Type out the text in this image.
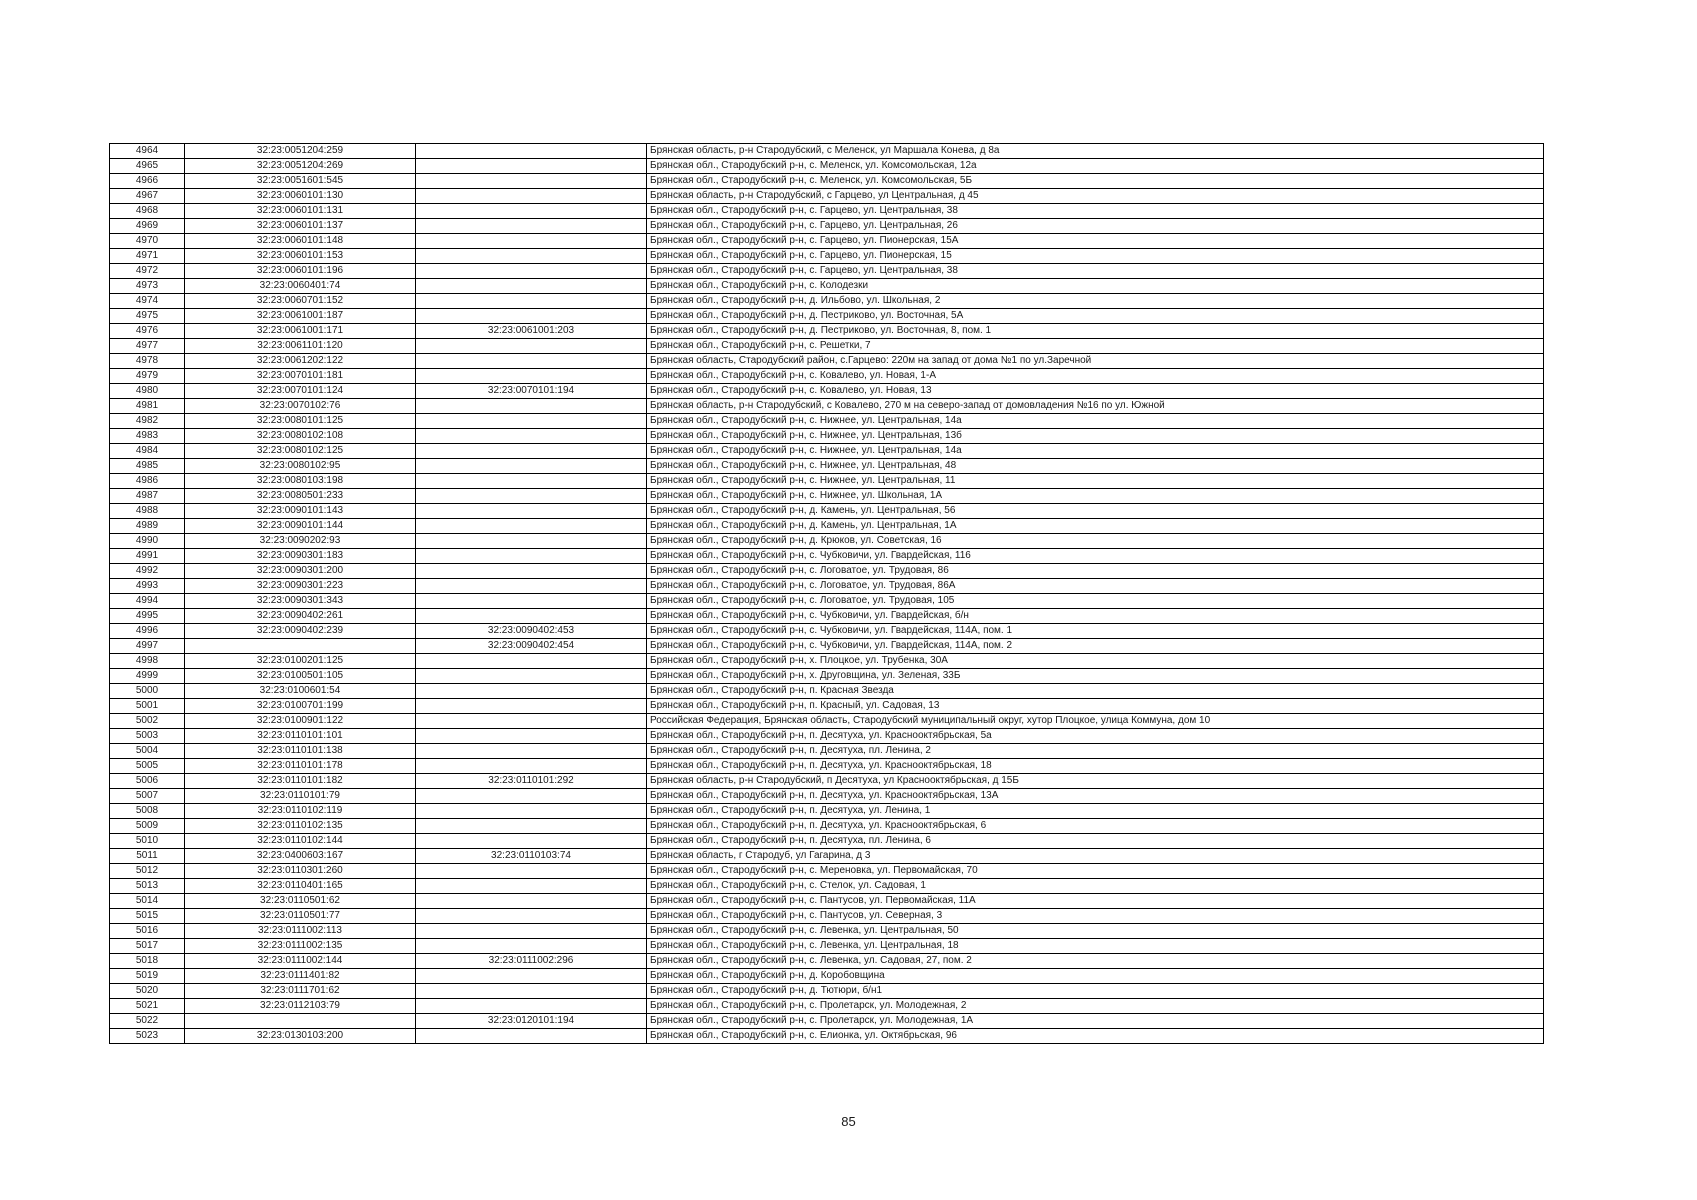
4964	32:23:0051204:259		Брянская область, р-н Стародубский, с Меленск, ул Маршала Конева, д 8а
4965	32:23:0051204:269		Брянская обл., Стародубский р-н, с. Меленск, ул. Комсомольская, 12а
4966	32:23:0051601:545		Брянская обл., Стародубский р-н, с. Меленск, ул. Комсомольская, 5Б
4967	32:23:0060101:130		Брянская область, р-н Стародубский, с Гарцево, ул Центральная, д 45
4968	32:23:0060101:131		Брянская обл., Стародубский р-н, с. Гарцево, ул. Центральная, 38
4969	32:23:0060101:137		Брянская обл., Стародубский р-н, с. Гарцево, ул. Центральная, 26
4970	32:23:0060101:148		Брянская обл., Стародубский р-н, с. Гарцево, ул. Пионерская, 15А
4971	32:23:0060101:153		Брянская обл., Стародубский р-н, с. Гарцево, ул. Пионерская, 15
4972	32:23:0060101:196		Брянская обл., Стародубский р-н, с. Гарцево, ул. Центральная, 38
4973	32:23:0060401:74		Брянская обл., Стародубский р-н, с. Колодезки
4974	32:23:0060701:152		Брянская обл., Стародубский р-н, д. Ильбово, ул. Школьная, 2
4975	32:23:0061001:187		Брянская обл., Стародубский р-н, д. Пестриково, ул. Восточная, 5А
4976	32:23:0061001:171	32:23:0061001:203	Брянская обл., Стародубский р-н, д. Пестриково, ул. Восточная, 8, пом. 1
4977	32:23:0061101:120		Брянская обл., Стародубский р-н, с. Решетки, 7
4978	32:23:0061202:122		Брянская область, Стародубский район, с.Гарцево: 220м на запад от дома №1 по ул.Заречной
4979	32:23:0070101:181		Брянская обл., Стародубский р-н, с. Ковалево, ул. Новая, 1-А
4980	32:23:0070101:124	32:23:0070101:194	Брянская обл., Стародубский р-н, с. Ковалево, ул. Новая, 13
4981	32:23:0070102:76		Брянская область, р-н Стародубский, с Ковалево, 270 м на северо-запад от домовладения №16 по ул. Южной
4982	32:23:0080101:125		Брянская обл., Стародубский р-н, с. Нижнее, ул. Центральная, 14а
4983	32:23:0080102:108		Брянская обл., Стародубский р-н, с. Нижнее, ул. Центральная, 13б
4984	32:23:0080102:125		Брянская обл., Стародубский р-н, с. Нижнее, ул. Центральная, 14а
4985	32:23:0080102:95		Брянская обл., Стародубский р-н, с. Нижнее, ул. Центральная, 48
4986	32:23:0080103:198		Брянская обл., Стародубский р-н, с. Нижнее, ул. Центральная, 11
4987	32:23:0080501:233		Брянская обл., Стародубский р-н, с. Нижнее, ул. Школьная, 1А
4988	32:23:0090101:143		Брянская обл., Стародубский р-н, д. Камень, ул. Центральная, 56
4989	32:23:0090101:144		Брянская обл., Стародубский р-н, д. Камень, ул. Центральная, 1А
4990	32:23:0090202:93		Брянская обл., Стародубский р-н, д. Крюков, ул. Советская, 16
4991	32:23:0090301:183		Брянская обл., Стародубский р-н, с. Чубковичи, ул. Гвардейская, 116
4992	32:23:0090301:200		Брянская обл., Стародубский р-н, с. Логоватое, ул. Трудовая, 86
4993	32:23:0090301:223		Брянская обл., Стародубский р-н, с. Логоватое, ул. Трудовая, 86А
4994	32:23:0090301:343		Брянская обл., Стародубский р-н, с. Логоватое, ул. Трудовая, 105
4995	32:23:0090402:261		Брянская обл., Стародубский р-н, с. Чубковичи, ул. Гвардейская, б/н
4996	32:23:0090402:239	32:23:0090402:453	Брянская обл., Стародубский р-н, с. Чубковичи, ул. Гвардейская, 114А, пом. 1
4997		32:23:0090402:454	Брянская обл., Стародубский р-н, с. Чубковичи, ул. Гвардейская, 114А, пом. 2
4998	32:23:0100201:125		Брянская обл., Стародубский р-н, х. Плоцкое, ул. Трубенка, 30А
4999	32:23:0100501:105		Брянская обл., Стародубский р-н, х. Друговщина, ул. Зеленая, 33Б
5000	32:23:0100601:54		Брянская обл., Стародубский р-н, п. Красная Звезда
5001	32:23:0100701:199		Брянская обл., Стародубский р-н, п. Красный, ул. Садовая, 13
5002	32:23:0100901:122		Российская Федерация, Брянская область, Стародубский муниципальный округ, хутор Плоцкое, улица Коммуна, дом 10
5003	32:23:0110101:101		Брянская обл., Стародубский р-н, п. Десятуха, ул. Краснооктябрьская, 5а
5004	32:23:0110101:138		Брянская обл., Стародубский р-н, п. Десятуха, пл. Ленина, 2
5005	32:23:0110101:178		Брянская обл., Стародубский р-н, п. Десятуха, ул. Краснооктябрьская, 18
5006	32:23:0110101:182	32:23:0110101:292	Брянская область, р-н Стародубский, п Десятуха, ул Краснооктябрьская, д 15Б
5007	32:23:0110101:79		Брянская обл., Стародубский р-н, п. Десятуха, ул. Краснооктябрьская, 13А
5008	32:23:0110102:119		Брянская обл., Стародубский р-н, п. Десятуха, ул. Ленина, 1
5009	32:23:0110102:135		Брянская обл., Стародубский р-н, п. Десятуха, ул. Краснооктябрьская, 6
5010	32:23:0110102:144		Брянская обл., Стародубский р-н, п. Десятуха, пл. Ленина, 6
5011	32:23:0400603:167	32:23:0110103:74	Брянская область, г Стародуб, ул Гагарина, д 3
5012	32:23:0110301:260		Брянская обл., Стародубский р-н, с. Мереновка, ул. Первомайская, 70
5013	32:23:0110401:165		Брянская обл., Стародубский р-н, с. Стелок, ул. Садовая, 1
5014	32:23:0110501:62		Брянская обл., Стародубский р-н, с. Пантусов, ул. Первомайская, 11А
5015	32:23:0110501:77		Брянская обл., Стародубский р-н, с. Пантусов, ул. Северная, 3
5016	32:23:0111002:113		Брянская обл., Стародубский р-н, с. Левенка, ул. Центральная, 50
5017	32:23:0111002:135		Брянская обл., Стародубский р-н, с. Левенка, ул. Центральная, 18
5018	32:23:0111002:144	32:23:0111002:296	Брянская обл., Стародубский р-н, с. Левенка, ул. Садовая, 27, пом. 2
5019	32:23:0111401:82		Брянская обл., Стародубский р-н, д. Коробовщина
5020	32:23:0111701:62		Брянская обл., Стародубский р-н, д. Тютюри, б/н1
5021	32:23:0112103:79		Брянская обл., Стародубский р-н, с. Пролетарск, ул. Молодежная, 2
5022		32:23:0120101:194	Брянская обл., Стародубский р-н, с. Пролетарск, ул. Молодежная, 1А
5023	32:23:0130103:200		Брянская обл., Стародубский р-н, с. Елионка, ул. Октябрьская, 96
85
